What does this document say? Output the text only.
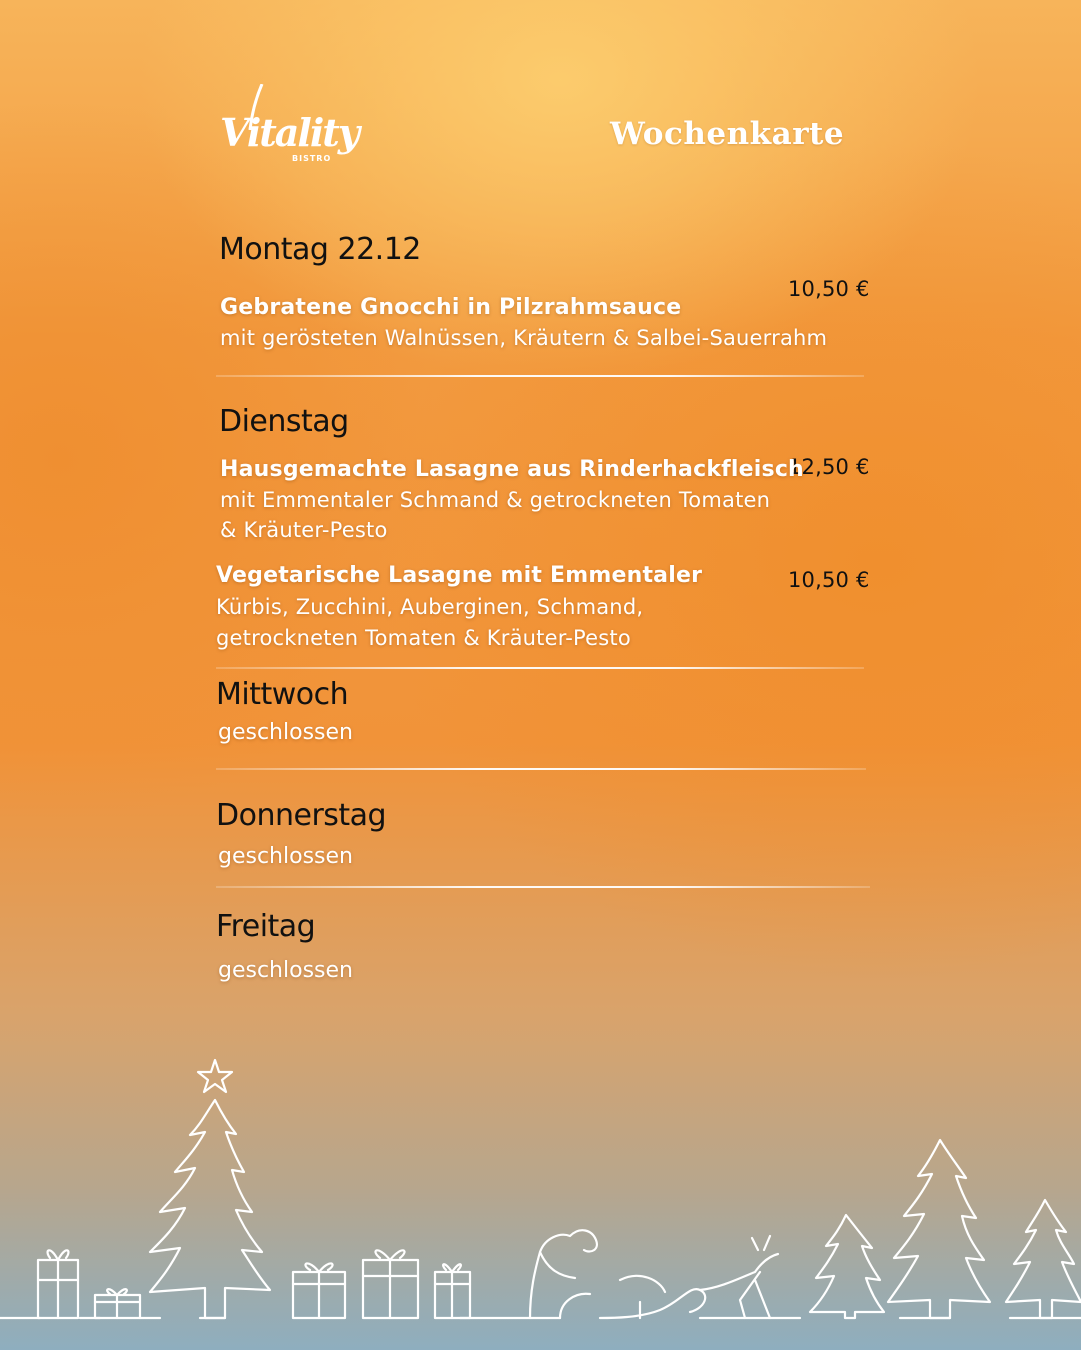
Vitality
BISTRO
Wochenkarte
Montag 22.12
10,50 €
Gebratene Gnocchi in Pilzrahmsauce
mit gerösteten Walnüssen, Kräutern & Salbei-Sauerrahm
Dienstag
12,50 €
Hausgemachte Lasagne aus Rinderhackfleisch
mit Emmentaler Schmand & getrockneten Tomaten
& Kräuter-Pesto
10,50 €
Vegetarische Lasagne mit Emmentaler
Kürbis, Zucchini, Auberginen, Schmand,
getrockneten Tomaten & Kräuter-Pesto
Mittwoch
geschlossen
Donnerstag
geschlossen
Freitag
geschlossen
